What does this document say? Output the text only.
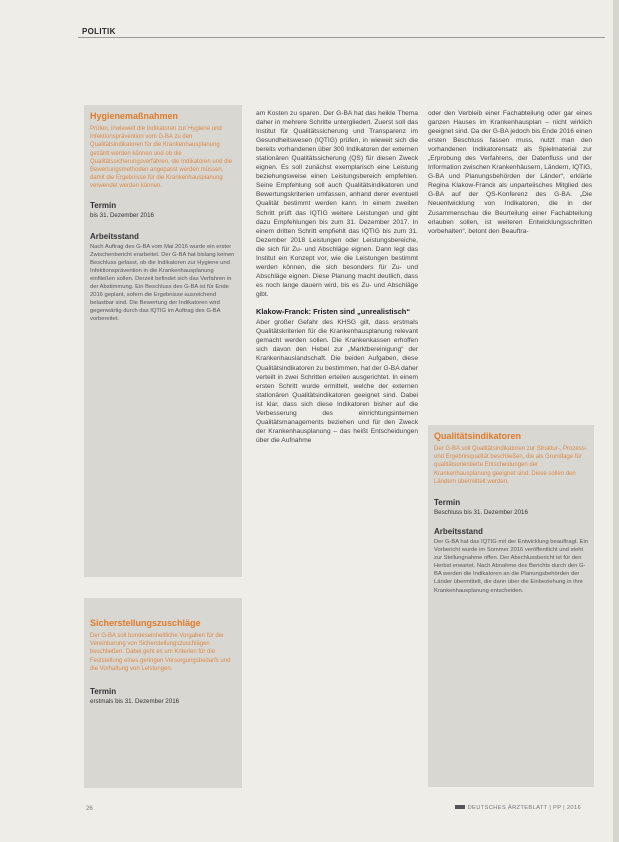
POLITIK
Hygienemaßnahmen

Prüfen, inwieweit die Indikatoren zur Hygiene und Infektionsprävention vom G-BA zu den Qualitätsindikatoren für die Krankenhausplanung gezählt werden können und ob die Qualitätssicherungsverfahren, die Indikatoren und die Bewertungsmethoden angepasst werden müssen, damit die Ergebnisse für die Krankenhausplanung verwendet werden können.

Termin

bis 31. Dezember 2016

Arbeitsstand

Nach Auftrag des G-BA vom Mai 2016 wurde ein erster Zwischenbericht erarbeitet. Der G-BA hat bislang keinen Beschluss gefasst, ob die Indikatoren zur Hygiene und Infektionsprävention in die Krankenhausplanung einfließen sollen. Derzeit befindet sich das Verfahren in der Abstimmung. Ein Beschluss des G-BA ist für Ende 2016 geplant, sofern die Ergebnisse ausreichend belastbar sind. Die Bewertung der Indikatoren wird gegenwärtig durch das IQTIG im Auftrag des G-BA vorbereitet.

Sicherstellungszuschläge

Der G-BA soll bundeseinheitliche Vorgaben für die Vereinbarung von Sicherstellungszuschlägen beschließen. Dabei geht es um Kriterien für die Feststellung eines geringen Versorgungsbedarfs und die Vorhaltung von Leistungen.

Termin

erstmals bis 31. Dezember 2016

am Kosten zu sparen. Der G-BA hat das heikle Thema daher in mehrere Schritte untergliedert. Zuerst soll das Institut für Qualitätssicherung und Transparenz im Gesundheitswesen (IQTIG) prüfen, in wieweit sich die bereits vorhandenen über 300 Indikatoren der externen stationären Qualitätssicherung (QS) für diesen Zweck eignen. Es soll zunächst exemplarisch eine Leistung beziehungsweise einen Leistungsbereich empfehlen. Seine Empfehlung soll auch Qualitätsindikatoren und Bewertungskriterien umfassen, anhand derer eventuell Qualität bestimmt werden kann. In einem zweiten Schritt prüft das IQTIG weitere Leistungen und gibt dazu Empfehlungen bis zum 31. Dezember 2017. In einem dritten Schritt empfiehlt das IQTIG bis zum 31. Dezember 2018 Leistungen oder Leistungsbereiche, die sich für Zu- und Abschläge eignen. Dann legt das Institut ein Konzept vor, wie die Leistungen bestimmt werden können, die sich besonders für Zu- und Abschläge eignen. Diese Planung macht deutlich, dass es noch lange dauern wird, bis es Zu- und Abschläge gibt.

Klakow-Franck: Fristen sind „unrealistisch“

Aber großer Gefahr des KHSG gilt, dass erstmals Qualitätskriterien für die Krankenhausplanung relevant gemacht werden sollen. Die Krankenkassen erhoffen sich davon den Hebel zur „Marktbereinigung“ der Krankenhauslandschaft. Die beiden Aufgaben, diese Qualitätsindikatoren zu bestimmen, hat der G-BA daher verteilt in zwei Schritten erteilen ausgerichtet. In einem ersten Schritt wurde ermittelt, welche der externen stationären Qualitätsindikatoren geeignet sind. Dabei ist klar, dass sich diese Indikatoren bisher auf die Verbesserung des einrichtungsinternen Qualitätsmanagements beziehen und für den Zweck der Krankenhausplanung – das heißt Entscheidungen über die Aufnahme

oder den Verbleib einer Fachabteilung oder gar eines ganzen Hauses im Krankenhausplan – nicht wirklich geeignet sind. Da der G-BA jedoch bis Ende 2016 einen ersten Beschluss fassen muss, nutzt man den vorhandenen Indikatorensatz als Spielmaterial zur „Erprobung des Verfahrens, der Datenfluss und der Information zwischen Krankenhäusern, Ländern, IQTIG, G-BA und Planungsbehörden der Länder“, erklärte Regina Klakow-Franck als unparteiisches Mitglied des G-BA auf der QS-Konferenz des G-BA. „Die Neuentwicklung von Indikatoren, die in der Zusammenschau die Beurteilung einer Fachabteilung erlauben sollen, ist weiteren Entwicklungsschritten vorbehalten“, betont den Beauftra-

Qualitätsindikatoren

Der G-BA soll Qualitätsindikatoren zur Struktur-, Prozess- und Ergebnisqualität beschließen, die als Grundlage für qualitätsorientierte Entscheidungen der Krankenhausplanung geeignet sind. Diese sollen den Ländern übermittelt werden.

Termin

Beschluss bis 31. Dezember 2016

Arbeitsstand

Der G-BA hat das IQTIG mit der Entwicklung beauftragt. Ein Vorbericht wurde im Sommer 2016 veröffentlicht und steht zur Stellungnahme offen. Der Abschlussbericht ist für den Herbst erwartet. Nach Abnahme des Berichts durch den G-BA werden die Indikatoren an die Planungsbehörden der Länder übermittelt, die dann über die Einbeziehung in ihre Krankenhausplanung entscheiden.

26	DEUTSCHES ÄRZTEBLATT | PP | 2016
